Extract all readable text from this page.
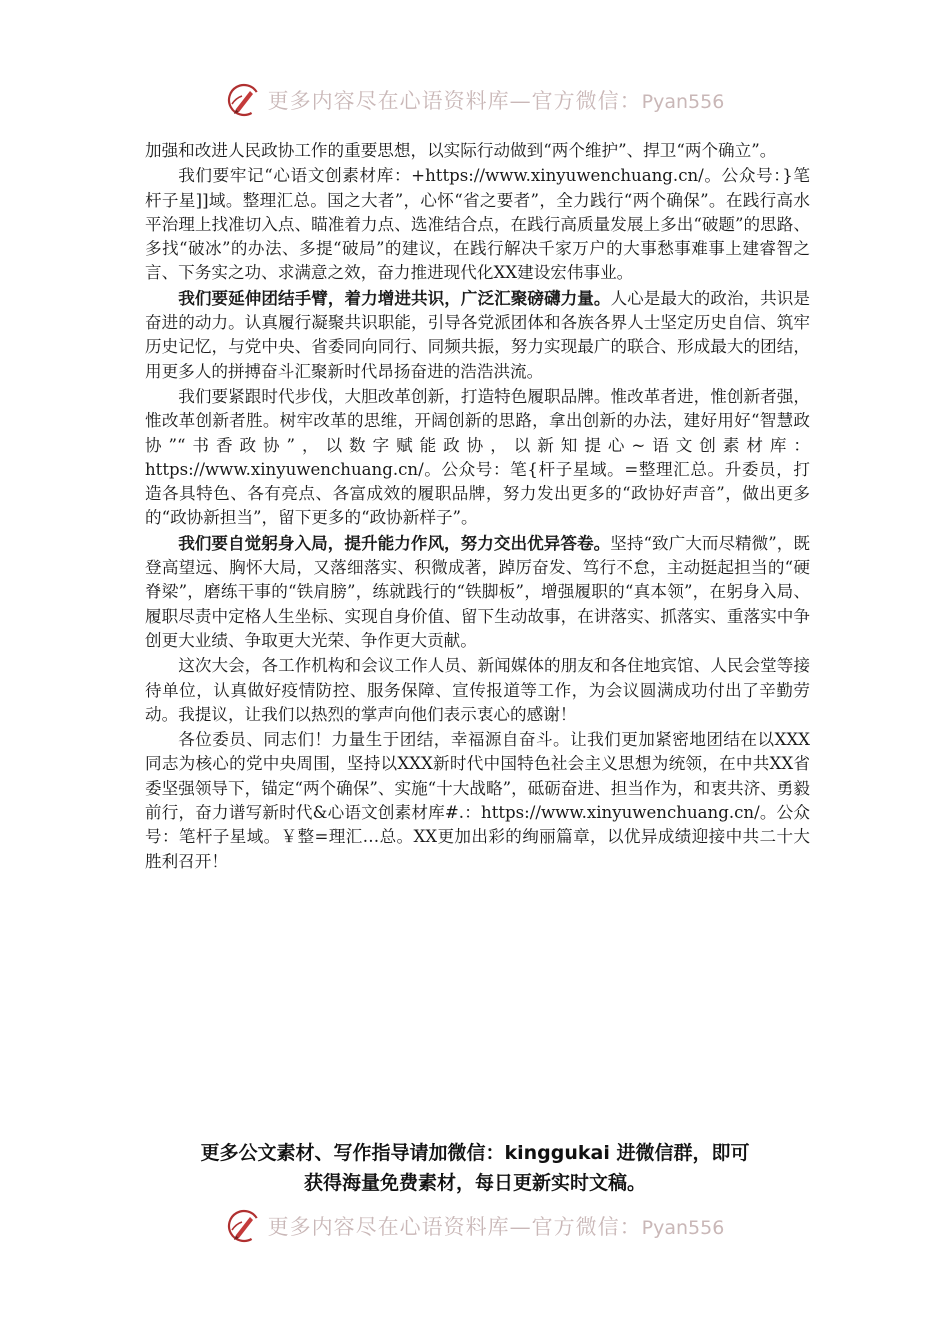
更多内容尽在心语资料库—官方微信：Pyan556

加强和改进人民政协工作的重要思想，以实际行动做到“两个维护”、捍卫“两个确立”。

我们要牢记“心语文创素材库：+https://www.xinyuwenchuang.cn/。公众号：}笔杆子星]]域。整理汇总。国之大者”，心怀“省之要者”，全力践行“两个确保”。在践行高水平治理上找准切入点、瞄准着力点、选准结合点，在践行高质量发展上多出“破题”的思路、多找“破冰”的办法、多提“破局”的建议，在践行解决千家万户的大事愁事难事上建睿智之言、下务实之功、求满意之效，奋力推进现代化XX建设宏伟事业。

我们要延伸团结手臂，着力增进共识，广泛汇聚磅礴力量。人心是最大的政治，共识是奋进的动力。认真履行凝聚共识职能，引导各党派团体和各族各界人士坚定历史自信、筑牢历史记忆，与党中央、省委同向同行、同频共振，努力实现最广的联合、形成最大的团结，用更多人的拼搏奋斗汇聚新时代昂扬奋进的浩浩洪流。

我们要紧跟时代步伐，大胆改革创新，打造特色履职品牌。惟改革者进，惟创新者强，惟改革创新者胜。树牢改革的思维，开阔创新的思路，拿出创新的办法，建好用好“智慧政协”“书香政协”，以数字赋能政协，以新知提心~语文创素材库：https://www.xinyuwenchuang.cn/。公众号：笔{杆子星域。=整理汇总。升委员，打造各具特色、各有亮点、各富成效的履职品牌，努力发出更多的“政协好声音”，做出更多的“政协新担当”，留下更多的“政协新样子”。

我们要自觉躬身入局，提升能力作风，努力交出优异答卷。坚持“致广大而尽精微”，既登高望远、胸怀大局，又落细落实、积微成著，踔厉奋发、笃行不怠，主动挺起担当的“硬脊梁”，磨练干事的“铁肩膀”，练就践行的“铁脚板”，增强履职的“真本领”，在躬身入局、履职尽责中定格人生坐标、实现自身价值、留下生动故事，在讲落实、抓落实、重落实中争创更大业绩、争取更大光荣、争作更大贡献。

这次大会，各工作机构和会议工作人员、新闻媒体的朋友和各住地宾馆、人民会堂等接待单位，认真做好疫情防控、服务保障、宣传报道等工作，为会议圆满成功付出了辛勤劳动。我提议，让我们以热烈的掌声向他们表示衷心的感谢！

各位委员、同志们！力量生于团结，幸福源自奋斗。让我们更加紧密地团结在以XXX同志为核心的党中央周围，坚持以XXX新时代中国特色社会主义思想为统领，在中共XX省委坚强领导下，锚定“两个确保”、实施“十大战略”，砥砺奋进、担当作为，和衷共济、勇毅前行，奋力谱写新时代&心语文创素材库#.：https://www.xinyuwenchuang.cn/。公众号：笔杆子星域。￥整=理汇…总。XX更加出彩的绚丽篇章，以优异成绩迎接中共二十大胜利召开！

更多公文素材、写作指导请加微信：kinggukai 进微信群，即可
获得海量免费素材，每日更新实时文稿。
更多内容尽在心语资料库—官方微信：Pyan556
